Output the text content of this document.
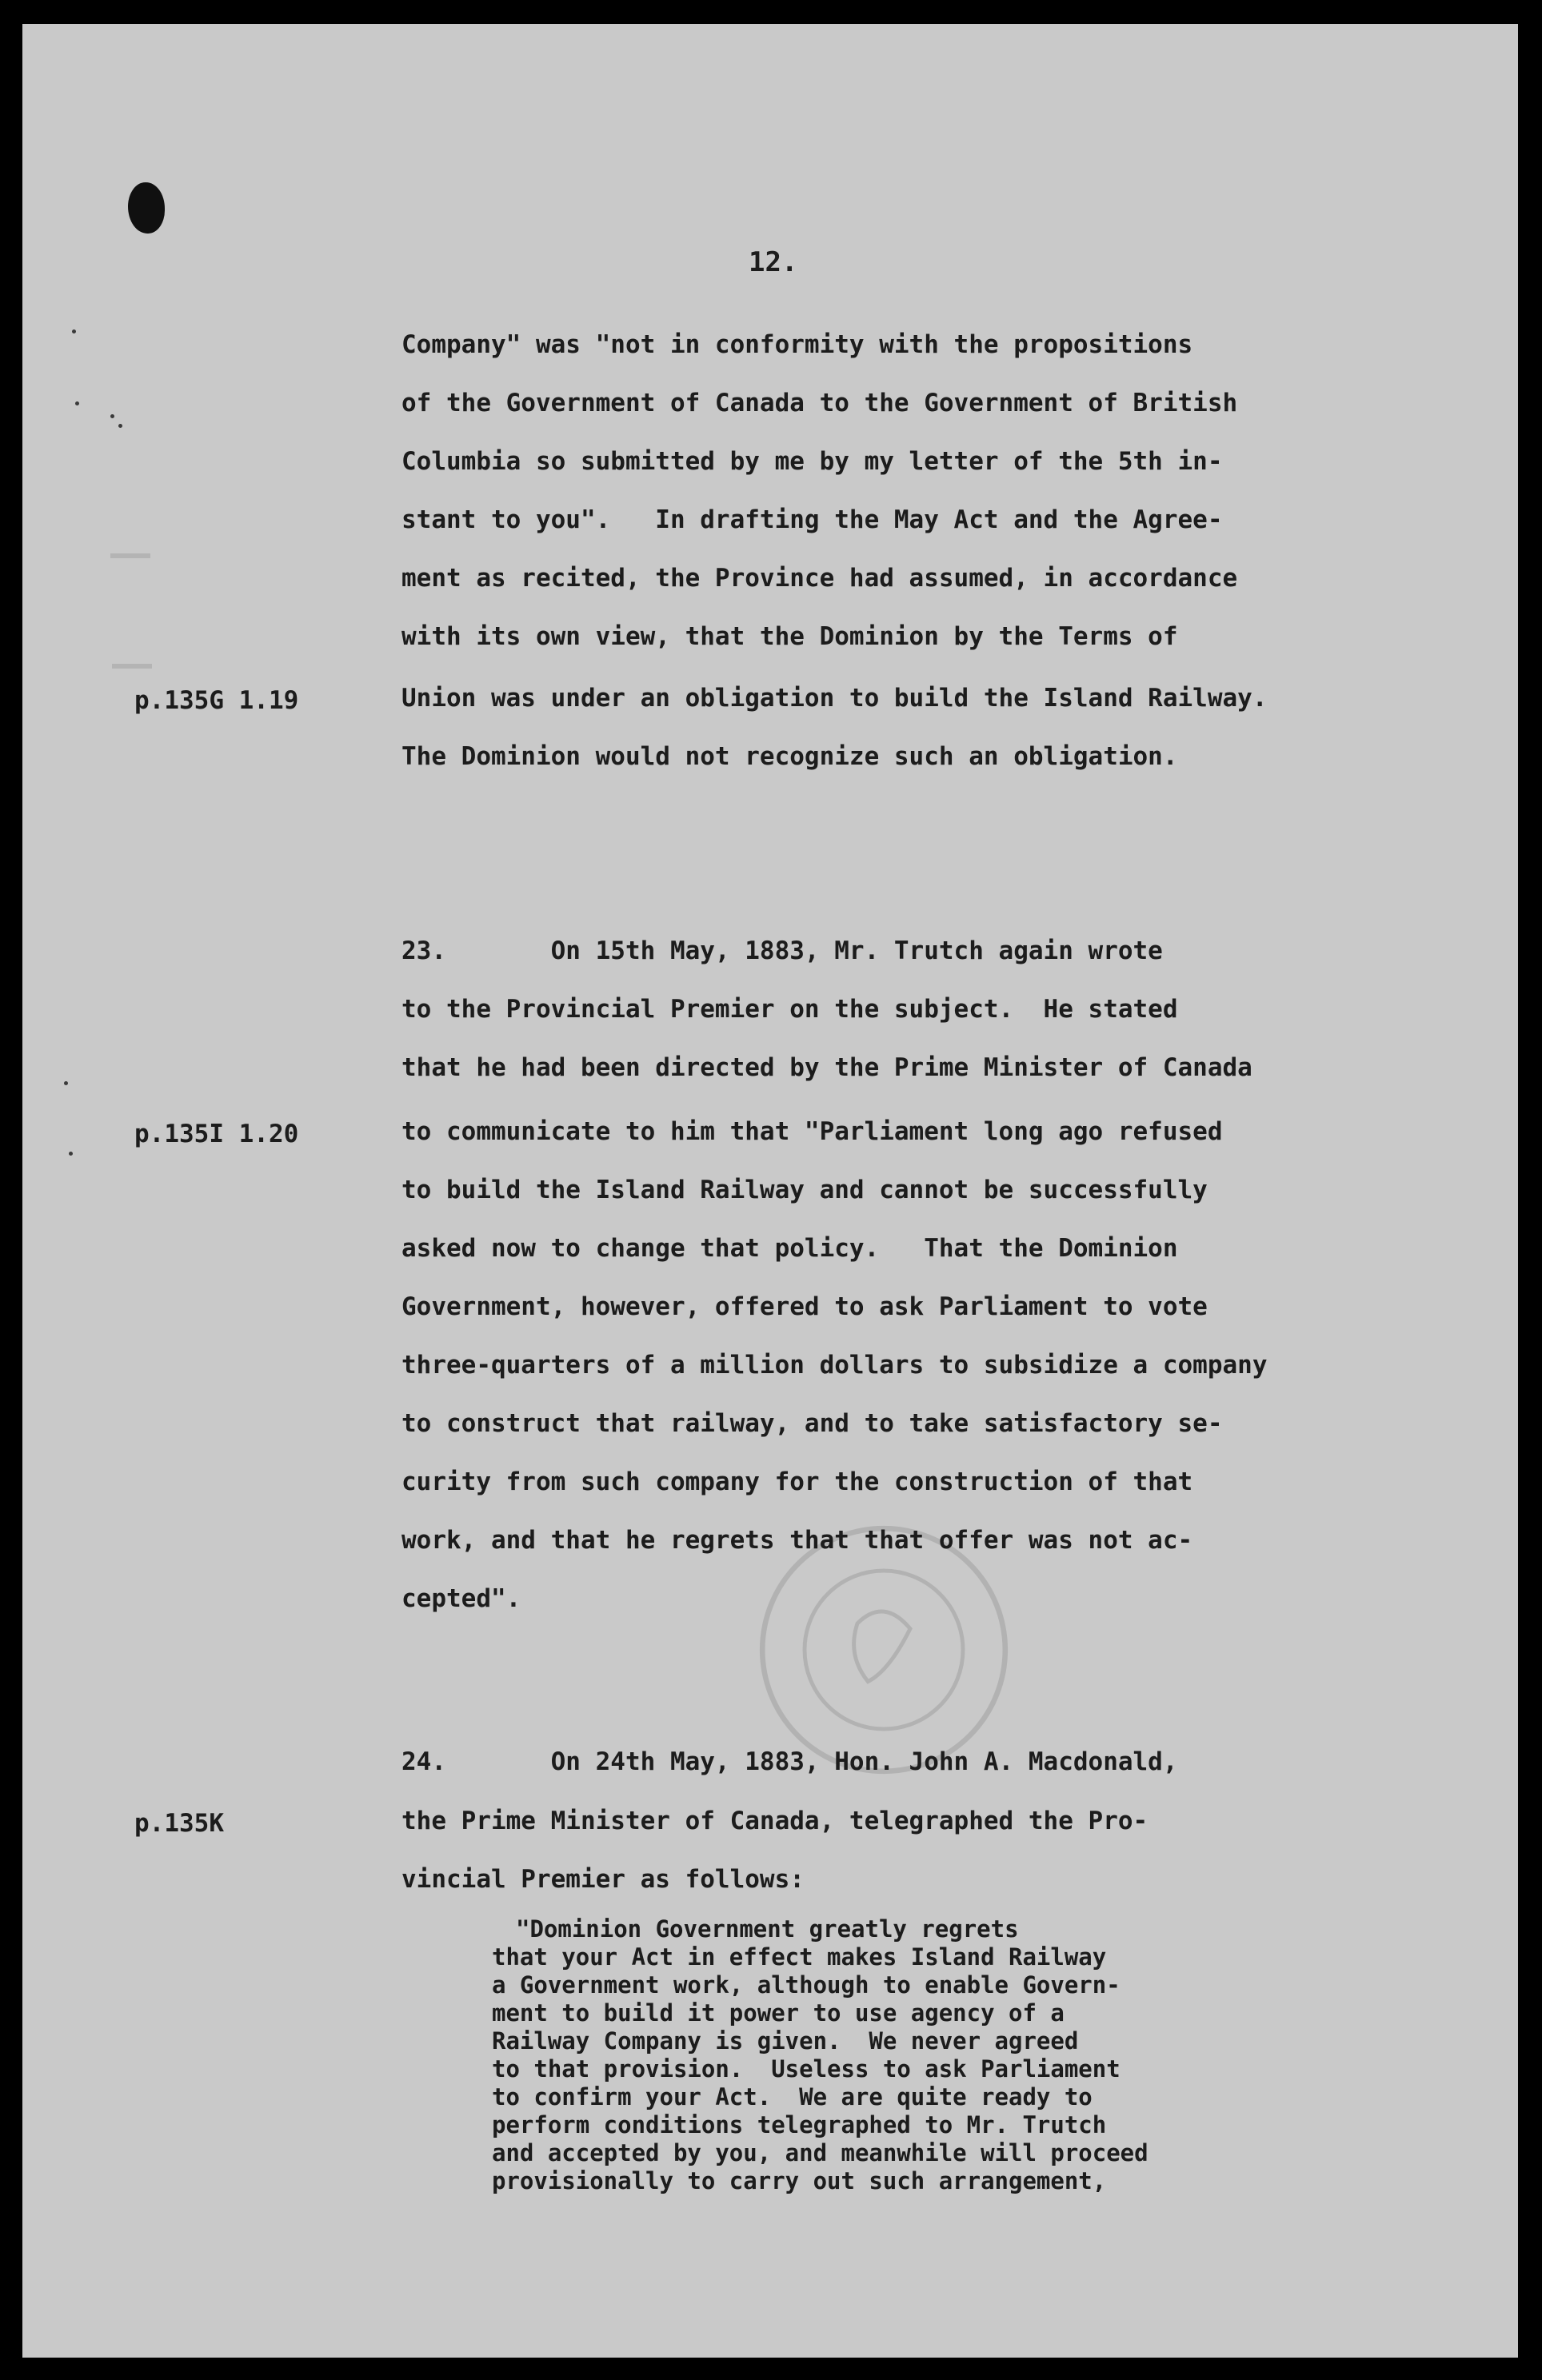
12.
p.135G 1.19
p.135I 1.20
p.135K
Company" was "not in conformity with the propositions
of the Government of Canada to the Government of British
Columbia so submitted by me by my letter of the 5th in-
stant to you".   In drafting the May Act and the Agree-
ment as recited, the Province had assumed, in accordance
with its own view, that the Dominion by the Terms of
Union was under an obligation to build the Island Railway.
The Dominion would not recognize such an obligation.
23.       On 15th May, 1883, Mr. Trutch again wrote
to the Provincial Premier on the subject.  He stated
that he had been directed by the Prime Minister of Canada
to communicate to him that "Parliament long ago refused
to build the Island Railway and cannot be successfully
asked now to change that policy.   That the Dominion
Government, however, offered to ask Parliament to vote
three-quarters of a million dollars to subsidize a company
to construct that railway, and to take satisfactory se-
curity from such company for the construction of that
work, and that he regrets that that offer was not ac-
cepted".
24.       On 24th May, 1883, Hon. John A. Macdonald,
the Prime Minister of Canada, telegraphed the Pro-
vincial Premier as follows:
"Dominion Government greatly regrets
that your Act in effect makes Island Railway
a Government work, although to enable Govern-
ment to build it power to use agency of a
Railway Company is given.  We never agreed
to that provision.  Useless to ask Parliament
to confirm your Act.  We are quite ready to
perform conditions telegraphed to Mr. Trutch
and accepted by you, and meanwhile will proceed
provisionally to carry out such arrangement,
